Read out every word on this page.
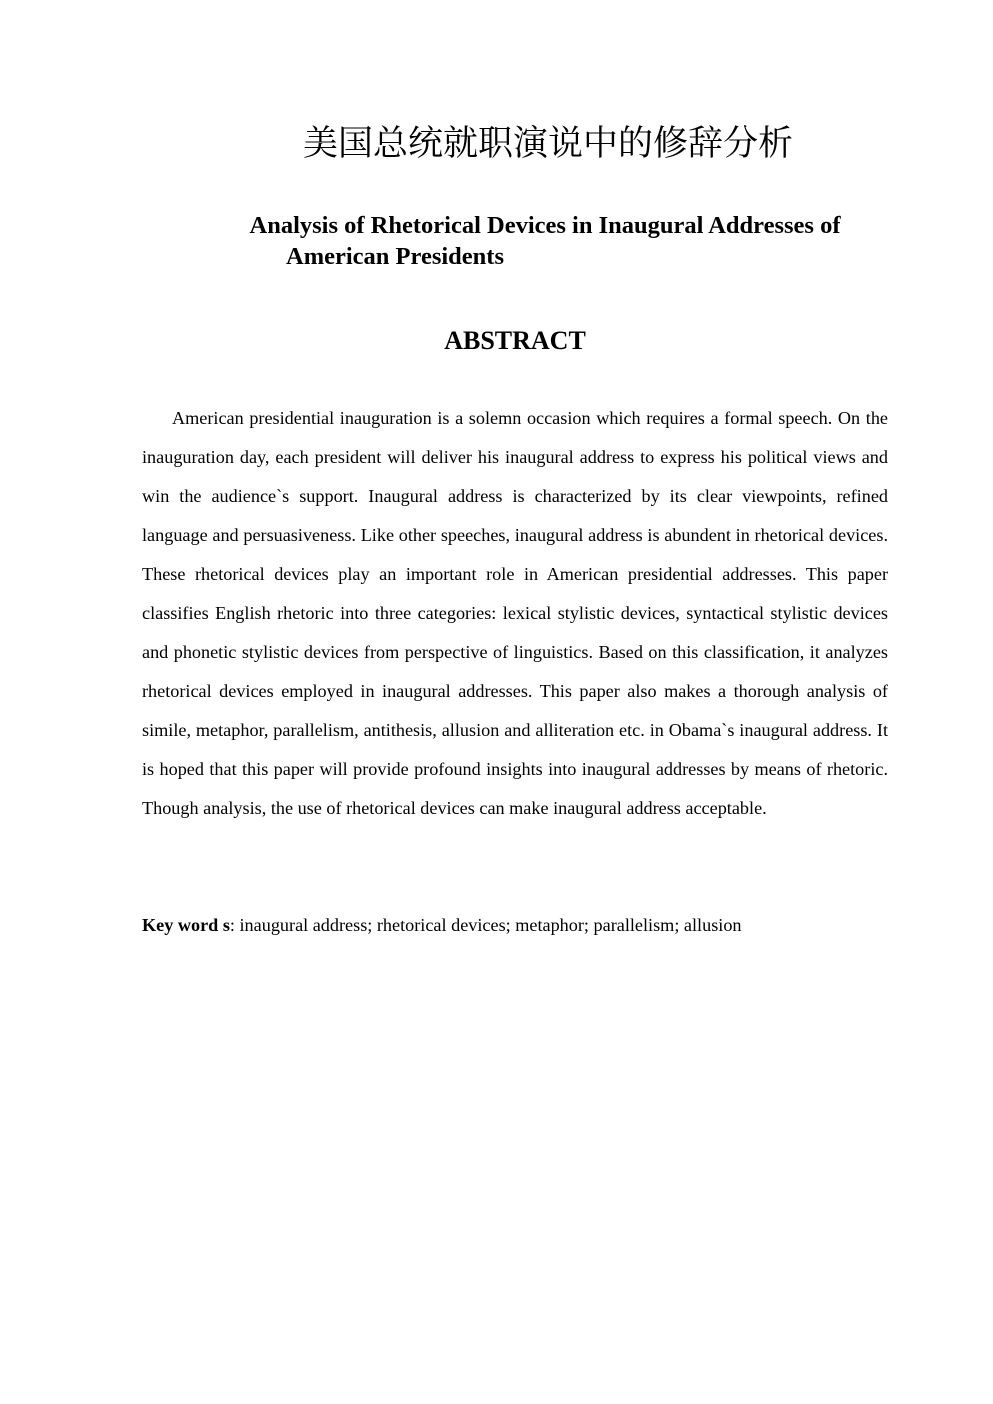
美国总统就职演说中的修辞分析
Analysis of Rhetorical Devices in Inaugural Addresses of
American Presidents
ABSTRACT

American presidential inauguration is a solemn occasion which requires a formal speech. On the inauguration day, each president will deliver his inaugural address to express his political views and win the audience`s support. Inaugural address is characterized by its clear viewpoints, refined language and persuasiveness. Like other speeches, inaugural address is abundent in rhetorical devices. These rhetorical devices play an important role in American presidential addresses. This paper classifies English rhetoric into three categories: lexical stylistic devices, syntactical stylistic devices and phonetic stylistic devices from perspective of linguistics. Based on this classification, it analyzes rhetorical devices employed in inaugural addresses. This paper also makes a thorough analysis of simile, metaphor, parallelism, antithesis, allusion and alliteration etc. in Obama`s inaugural address. It is hoped that this paper will provide profound insights into inaugural addresses by means of rhetoric. Though analysis, the use of rhetorical devices can make inaugural address acceptable.

Key word s: inaugural address; rhetorical devices; metaphor; parallelism; allusion
